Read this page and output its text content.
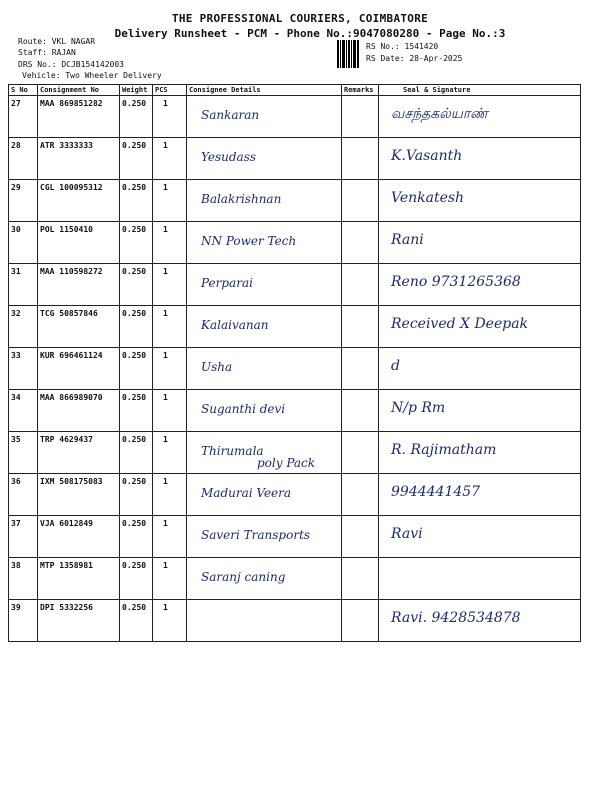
THE PROFESSIONAL COURIERS, COIMBATORE
Delivery Runsheet - PCM - Phone No.:9047080280 - Page No.:3
Route: VKL NAGAR
Staff: RAJAN
DRS No.: DCJB154142003
Vehicle: Two Wheeler Delivery
RS No.: 1541420
RS Date: 28-Apr-2025
S No	Consignment No	Weight	PCS	Consignee Details	Remarks	Seal & Signature
27	MAA 869851282	0.250	1	Sankaran		வசந்தகல்யாண்

28	ATR 3333333	0.250	1	Yesudass		K.Vasanth

29	CGL 100095312	0.250	1	Balakrishnan		Venkatesh

30	POL 1150410	0.250	1	NN Power Tech		Rani

31	MAA 110598272	0.250	1	Perparai		Reno 9731265368

32	TCG 50857846	0.250	1	Kalaivanan		Received X Deepak

33	KUR 696461124	0.250	1	Usha		d

34	MAA 866989070	0.250	1	Suganthi devi		N/p Rm

35	TRP 4629437	0.250	1	Thirumala
poly Pack		R. Rajimatham

36	IXM 508175083	0.250	1	Madurai Veera		9944441457

37	VJA 6012849	0.250	1	Saveri Transports		Ravi

38	MTP 1358981	0.250	1	Saranj caning		

39	DPI 5332256	0.250	1			Ravi. 9428534878
